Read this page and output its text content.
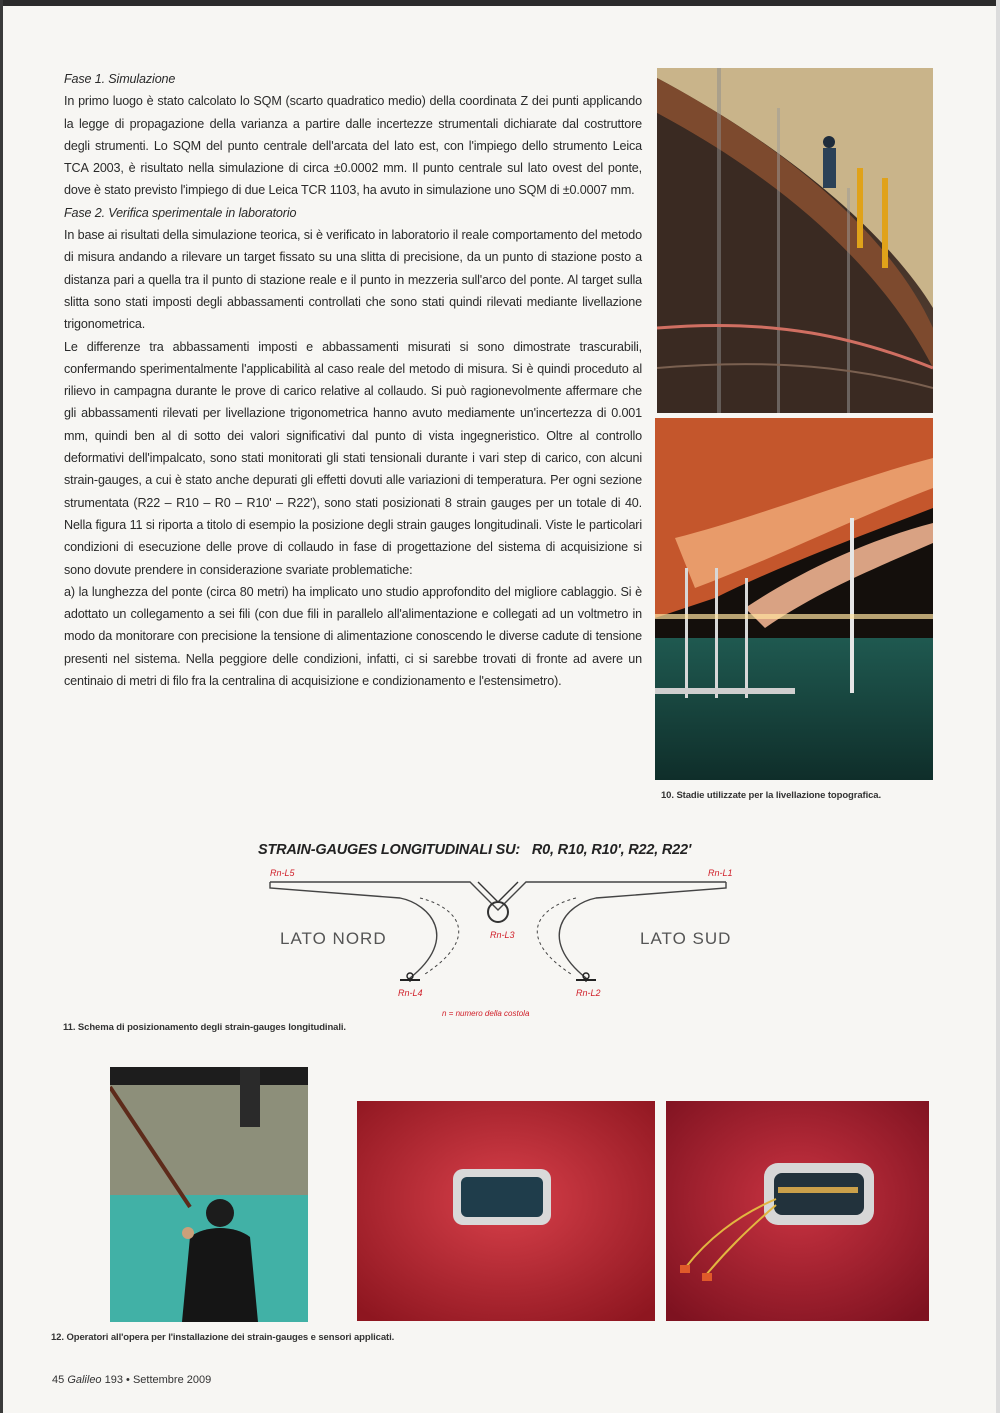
Fase 1. Simulazione

In primo luogo è stato calcolato lo SQM (scarto quadratico medio) della coordinata Z dei punti applicando la legge di propagazione della varianza a partire dalle incertezze strumentali dichiarate dal costruttore degli strumenti. Lo SQM del punto centrale dell'arcata del lato est, con l'impiego dello strumento Leica TCA 2003, è risultato nella simulazione di circa ±0.0002 mm. Il punto centrale sul lato ovest del ponte, dove è stato previsto l'impiego di due Leica TCR 1103, ha avuto in simulazione uno SQM di ±0.0007 mm.

Fase 2. Verifica sperimentale in laboratorio

In base ai risultati della simulazione teorica, si è verificato in laboratorio il reale comportamento del metodo di misura andando a rilevare un target fissato su una slitta di precisione, da un punto di stazione posto a distanza pari a quella tra il punto di stazione reale e il punto in mezzeria sull'arco del ponte. Al target sulla slitta sono stati imposti degli abbassamenti controllati che sono stati quindi rilevati mediante livellazione trigonometrica.

Le differenze tra abbassamenti imposti e abbassamenti misurati si sono dimostrate trascurabili, confermando sperimentalmente l'applicabilità al caso reale del metodo di misura. Si è quindi proceduto al rilievo in campagna durante le prove di carico relative al collaudo. Si può ragionevolmente affermare che gli abbassamenti rilevati per livellazione trigonometrica hanno avuto mediamente un'incertezza di 0.001 mm, quindi ben al di sotto dei valori significativi dal punto di vista ingegneristico. Oltre al controllo deformativi dell'impalcato, sono stati monitorati gli stati tensionali durante i vari step di carico, con alcuni strain-gauges, a cui è stato anche depurati gli effetti dovuti alle variazioni di temperatura. Per ogni sezione strumentata (R22 – R10 – R0 – R10' – R22'), sono stati posizionati 8 strain gauges per un totale di 40. Nella figura 11 si riporta a titolo di esempio la posizione degli strain gauges longitudinali. Viste le particolari condizioni di esecuzione delle prove di collaudo in fase di progettazione del sistema di acquisizione si sono dovute prendere in considerazione svariate problematiche:

a) la lunghezza del ponte (circa 80 metri) ha implicato uno studio approfondito del migliore cablaggio. Si è adottato un collegamento a sei fili (con due fili in parallelo all'alimentazione e collegati ad un voltmetro in modo da monitorare con precisione la tensione di alimentazione conoscendo le diverse cadute di tensione presenti nel sistema. Nella peggiore delle condizioni, infatti, ci si sarebbe trovati di fronte ad avere un centinaio di metri di filo fra la centralina di acquisizione e condizionamento e l'estensimetro).

10. Stadie utilizzate per la livellazione topografica.
STRAIN-GAUGES LONGITUDINALI SU: R0, R10, R10', R22, R22'
Rn-L5	Rn-L1
Rn-L3
Rn-L4	Rn-L2
LATO NORD	LATO SUD
n = numero della costola
11. Schema di posizionamento degli strain-gauges longitudinali.
12. Operatori all'opera per l'installazione dei strain-gauges e sensori applicati.
45 Galileo 193 • Settembre 2009
